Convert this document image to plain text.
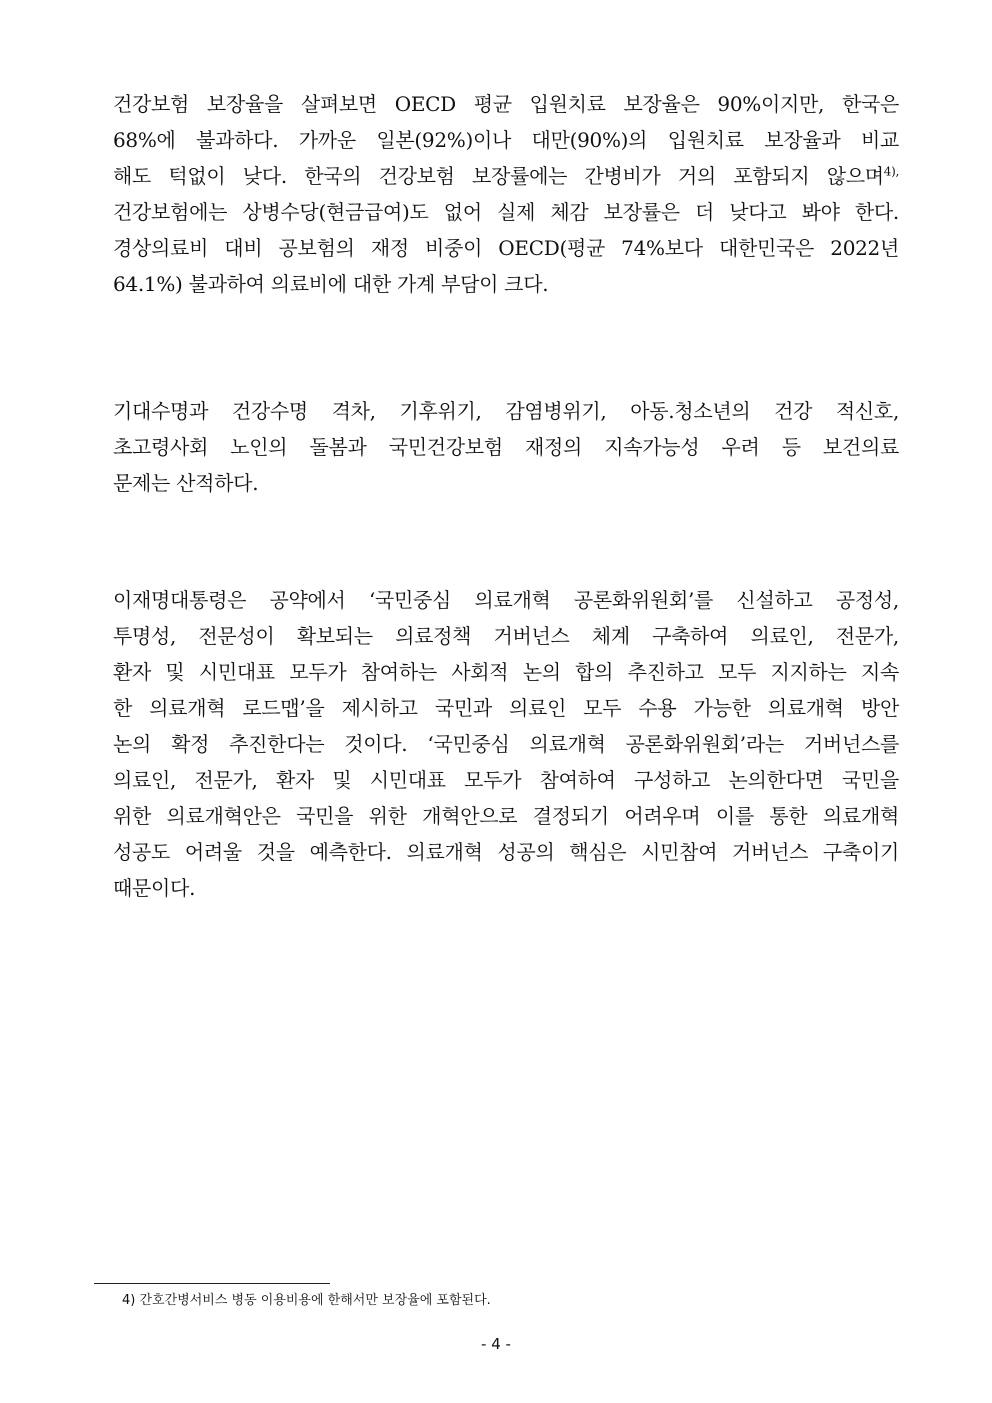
건강보험 보장율을 살펴보면 OECD 평균 입원치료 보장율은 90%이지만, 한국은
68%에 불과하다. 가까운 일본(92%)이나 대만(90%)의 입원치료 보장율과 비교
해도 턱없이 낮다. 한국의 건강보험 보장률에는 간병비가 거의 포함되지 않으며$^{4),}$
건강보험에는 상병수당(현금급여)도 없어 실제 체감 보장률은 더 낮다고 봐야 한다.
경상의료비 대비 공보험의 재정 비중이 OECD(평균 74%보다 대한민국은 2022년
64.1%) 불과하여 의료비에 대한 가계 부담이 크다.
기대수명과 건강수명 격차, 기후위기, 감염병위기, 아동.청소년의 건강 적신호,
초고령사회 노인의 돌봄과 국민건강보험 재정의 지속가능성 우려 등 보건의료
문제는 산적하다.
이재명대통령은 공약에서 ‘국민중심 의료개혁 공론화위원회’를 신설하고 공정성,
투명성, 전문성이 확보되는 의료정책 거버넌스 체계 구축하여 의료인, 전문가,
환자 및 시민대표 모두가 참여하는 사회적 논의 합의 추진하고 모두 지지하는 지속
한 의료개혁 로드맵’을 제시하고 국민과 의료인 모두 수용 가능한 의료개혁 방안
논의 확정 추진한다는 것이다. ‘국민중심 의료개혁 공론화위원회’라는 거버넌스를
의료인, 전문가, 환자 및 시민대표 모두가 참여하여 구성하고 논의한다면 국민을
위한 의료개혁안은 국민을 위한 개혁안으로 결정되기 어려우며 이를 통한 의료개혁
성공도 어려울 것을 예측한다. 의료개혁 성공의 핵심은 시민참여 거버넌스 구축이기
때문이다.
4) 간호간병서비스 병동 이용비용에 한해서만 보장율에 포함된다.
- 4 -
